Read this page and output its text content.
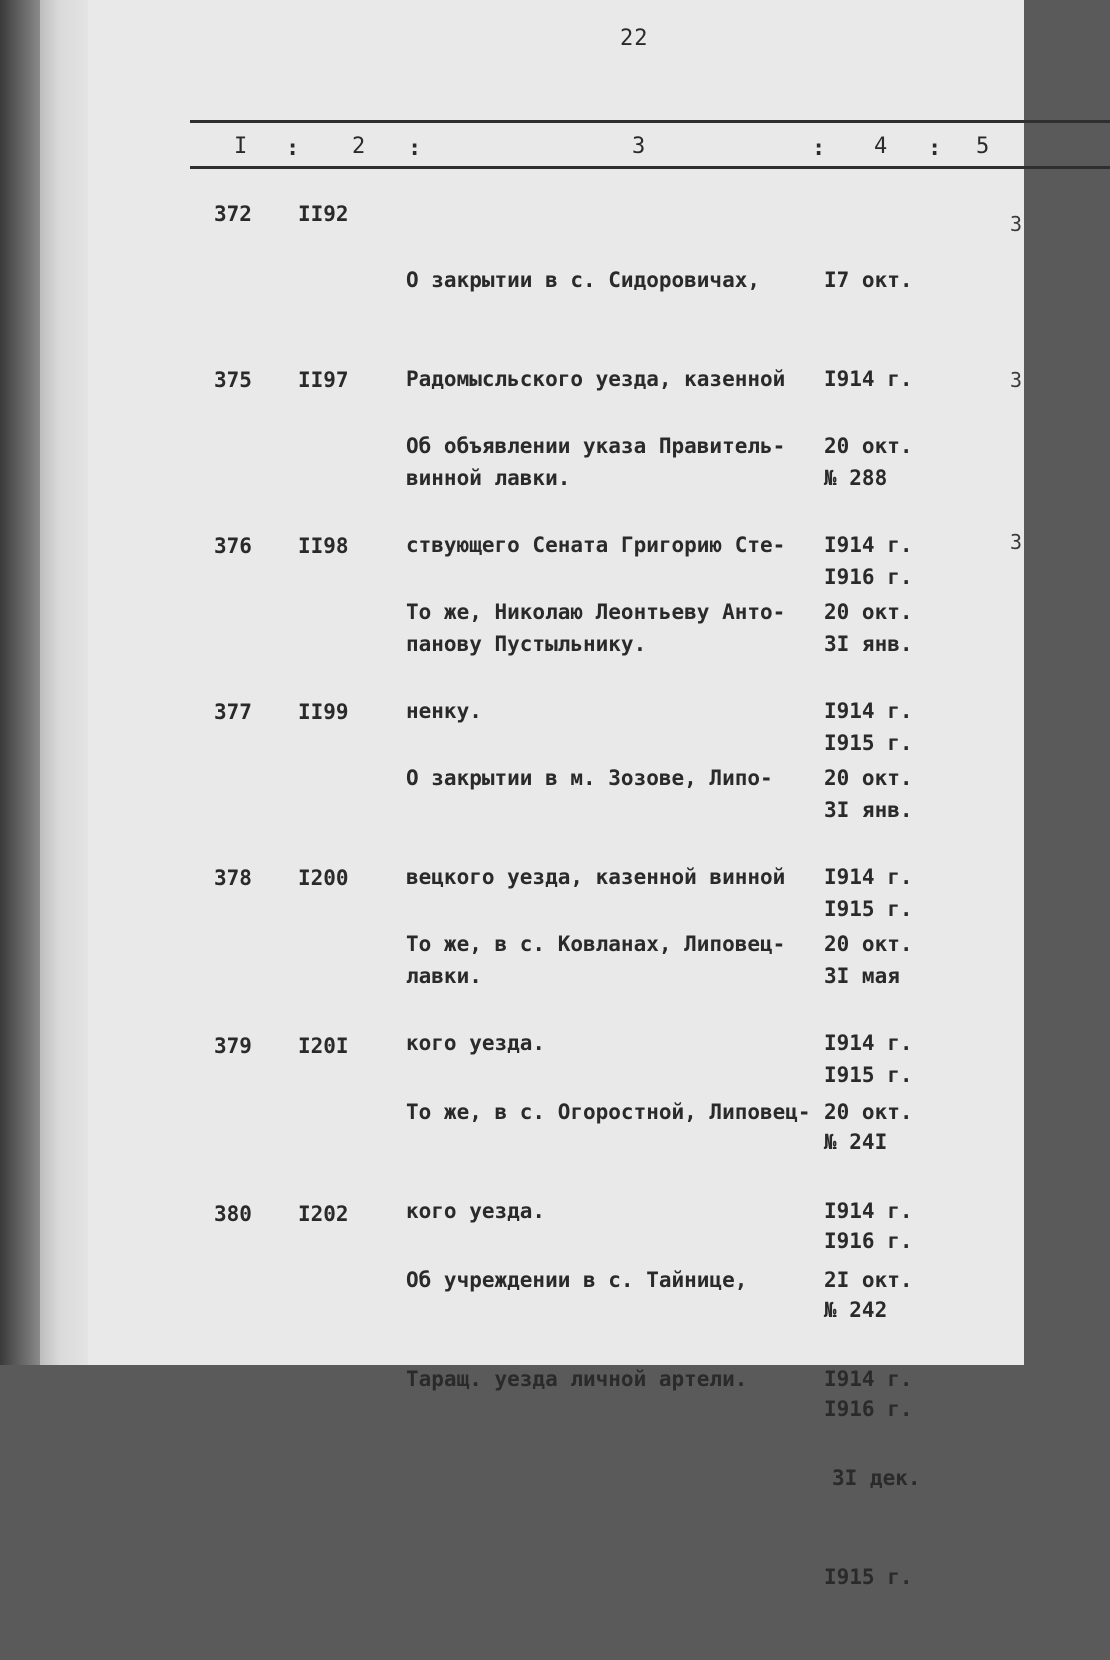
22
I : 2 :	3	: 4 : 5
372 II92

О закрытии в с. Сидоровичах,

Радомысльского уезда, казенной

винной лавки.

I7 окт.

I914 г.

№ 288

I916 г.

375 II97

Об объявлении указа Правитель-

ствующего Сената Григорию Сте-

панову Пустыльнику.

20 окт.

I914 г.

3I янв.

I915 г.

376 II98

То же, Николаю Леонтьеву Анто-

ненку.

20 окт.

I914 г.

3I янв.

I915 г.

377 II99

О закрытии в м. Зозове, Липо-

вецкого уезда, казенной винной

лавки.

20 окт.

I914 г.

3I мая

I915 г.

378 I200

То же, в с. Ковланах, Липовец-

кого уезда.

20 окт.

I914 г.

№ 24I

I916 г.

379 I20I

То же, в с. Огоростной, Липовец-

кого уезда.

20 окт.

I914 г.

№ 242

I916 г.

380 I202

Об учреждении в с. Тайнице,

Таращ. уезда личной артели.

2I окт.

I914 г.

3I дек.

I915 г.

3
3
3
